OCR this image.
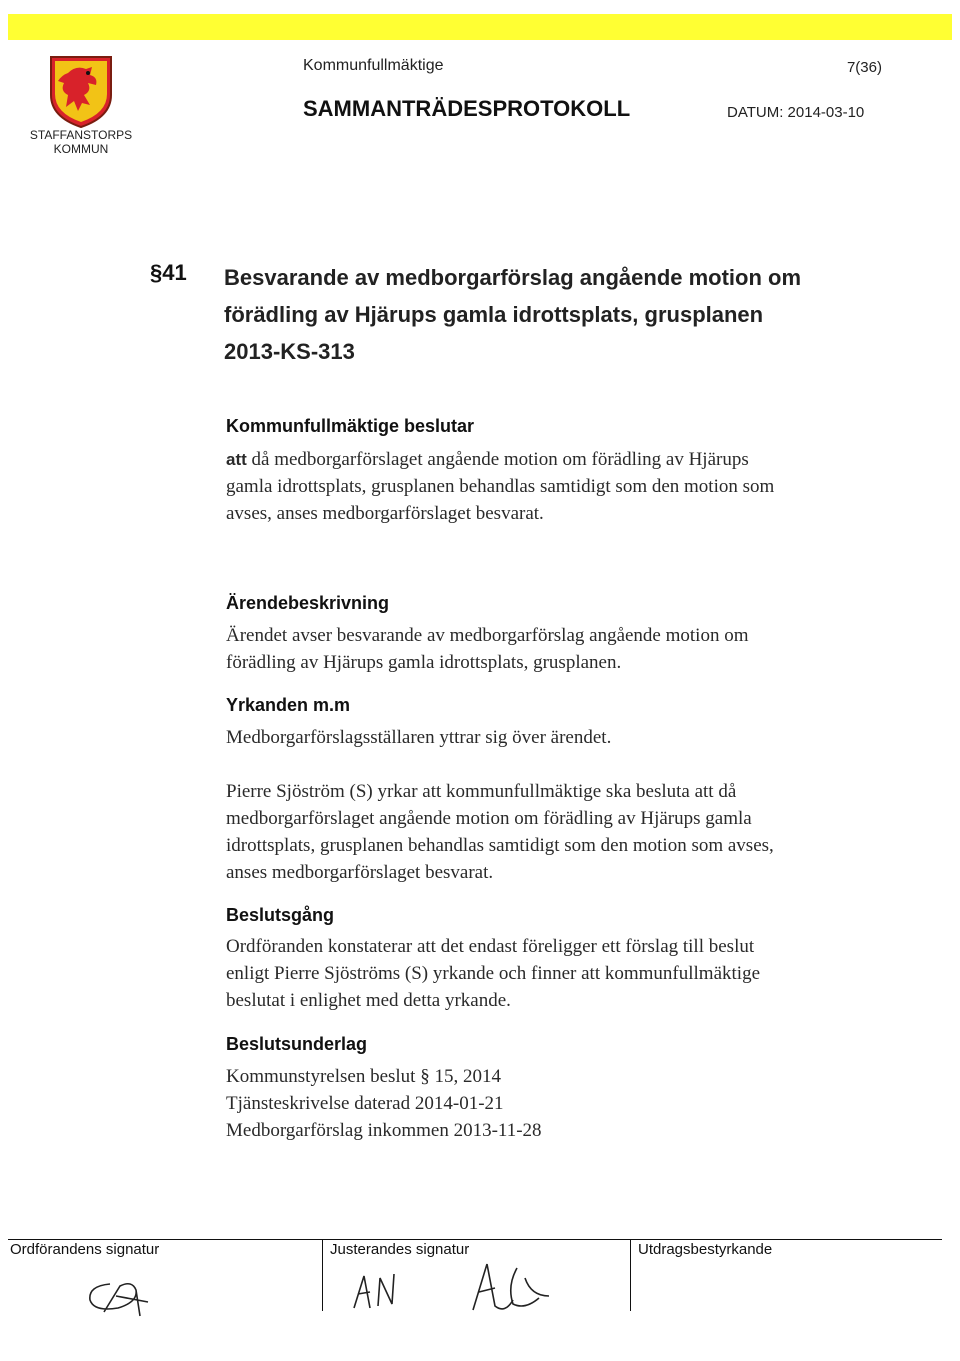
STAFFANSTORPS
KOMMUN
Kommunfullmäktige	7(36)
SAMMANTRÄDESPROTOKOLL	DATUM: 2014-03-10
§41 Besvarande av medborgarförslag angående motion om
förädling av Hjärups gamla idrottsplats, grusplanen
2013-KS-313
Kommunfullmäktige beslutar
att då medborgarförslaget angående motion om förädling av Hjärups
gamla idrottsplats, grusplanen behandlas samtidigt som den motion som
avses, anses medborgarförslaget besvarat.
Ärendebeskrivning
Ärendet avser besvarande av medborgarförslag angående motion om
förädling av Hjärups gamla idrottsplats, grusplanen.
Yrkanden m.m
Medborgarförslagsställaren yttrar sig över ärendet.
Pierre Sjöström (S) yrkar att kommunfullmäktige ska besluta att då
medborgarförslaget angående motion om förädling av Hjärups gamla
idrottsplats, grusplanen behandlas samtidigt som den motion som avses,
anses medborgarförslaget besvarat.
Beslutsgång
Ordföranden konstaterar att det endast föreligger ett förslag till beslut
enligt Pierre Sjöströms (S) yrkande och finner att kommunfullmäktige
beslutat i enlighet med detta yrkande.
Beslutsunderlag
Kommunstyrelsen beslut § 15, 2014
Tjänsteskrivelse daterad 2014-01-21
Medborgarförslag inkommen 2013-11-28
Ordförandens signatur	Justerandes signatur	Utdragsbestyrkande
